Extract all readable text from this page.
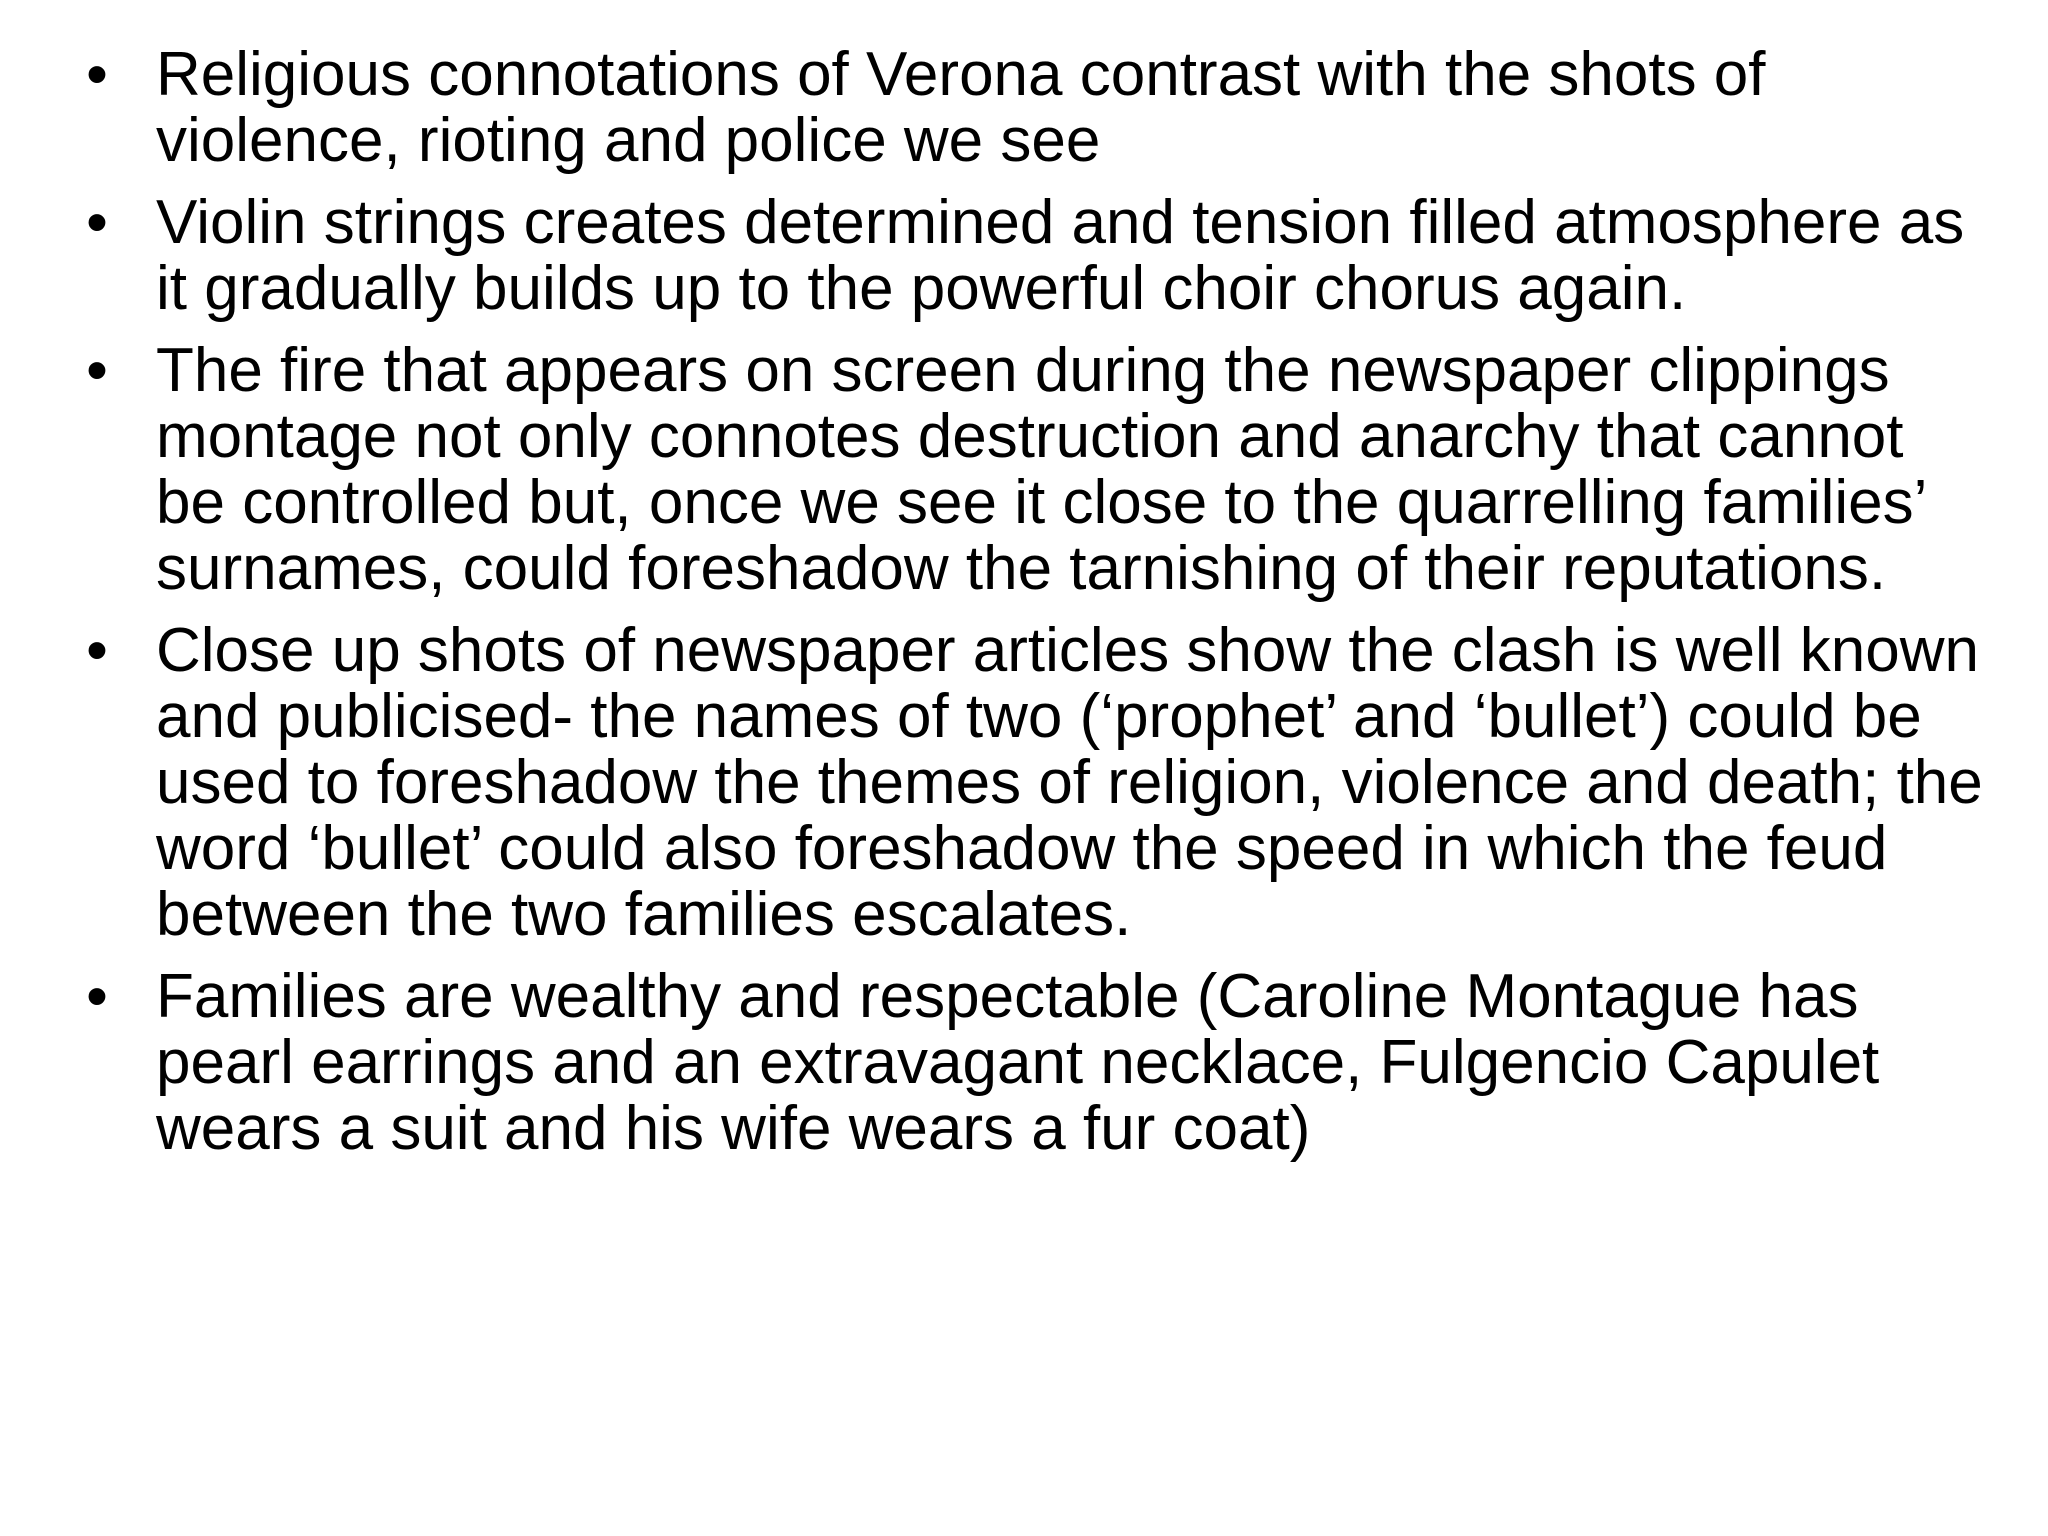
• Religious connotations of Verona contrast with the shots of violence, rioting and police we see
• Violin strings creates determined and tension filled atmosphere as it gradually builds up to the powerful choir chorus again.
• The fire that appears on screen during the newspaper clippings montage not only connotes destruction and anarchy that cannot be controlled but, once we see it close to the quarrelling families’ surnames, could foreshadow the tarnishing of their reputations.
• Close up shots of newspaper articles show the clash is well known and publicised- the names of two (‘prophet’ and ‘bullet’) could be used to foreshadow the themes of religion, violence and death; the word ‘bullet’ could also foreshadow the speed in which the feud between the two families escalates.
• Families are wealthy and respectable (Caroline Montague has pearl earrings and an extravagant necklace, Fulgencio Capulet wears a suit and his wife wears a fur coat)
